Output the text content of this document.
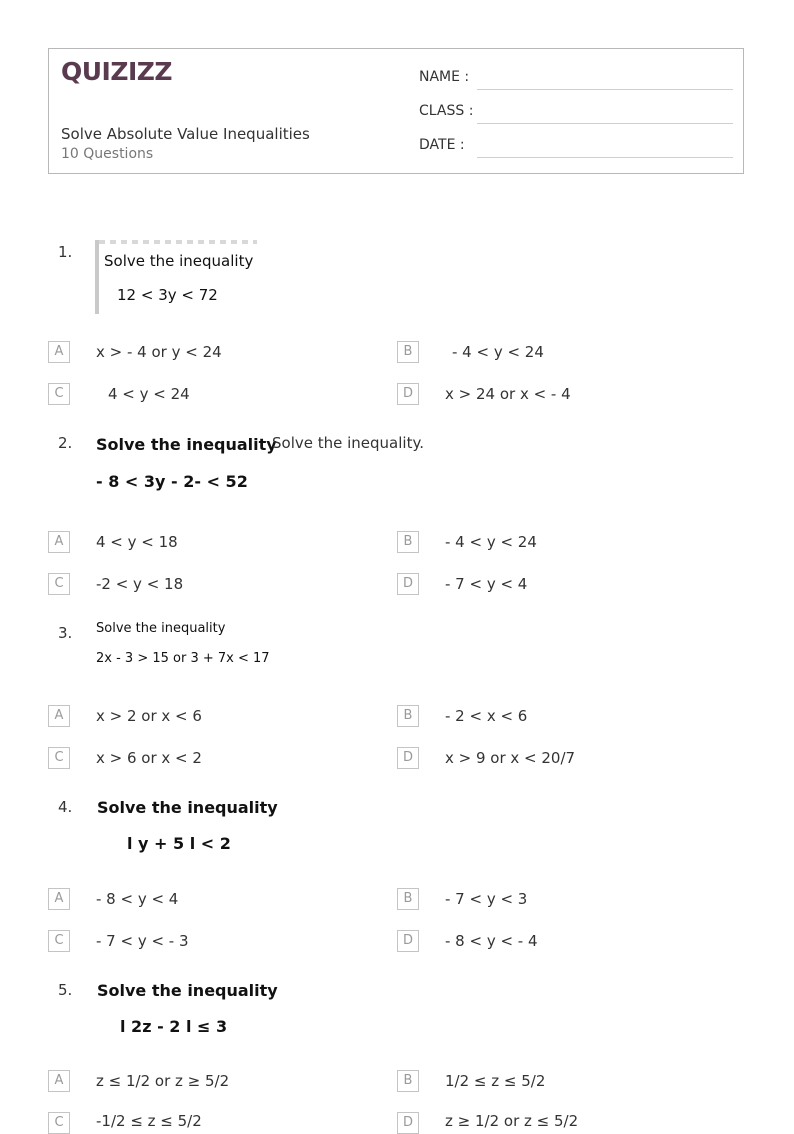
QUIZIZZ
Solve Absolute Value Inequalities
10 Questions
NAME :
CLASS :
DATE :
1. Solve the inequality
12 < 3y < 72
A	x > - 4 or y < 24	B	- 4 < y < 24
C	4 < y < 24	D	x > 24 or x < - 4
2. Solve the inequality
- 8 < 3y - 2- < 52
Solve the inequality.
A	4 < y < 18	B	- 4 < y < 24
C	-2 < y < 18	D	- 7 < y < 4
3. Solve the inequality
2x - 3 > 15 or 3 + 7x < 17
A	x > 2 or x < 6	B	- 2 < x < 6
C	x > 6 or x < 2	D	x > 9 or x < 20/7
4. Solve the inequality
l y + 5 l < 2
A	- 8 < y < 4	B	- 7 < y < 3
C	- 7 < y < - 3	D	- 8 < y < - 4
5. Solve the inequality
l 2z - 2 l ≤ 3
A	z ≤ 1/2 or z ≥ 5/2	B	1/2 ≤ z ≤ 5/2
C	-1/2 ≤ z ≤ 5/2	D	z ≥ 1/2 or z ≤ 5/2
